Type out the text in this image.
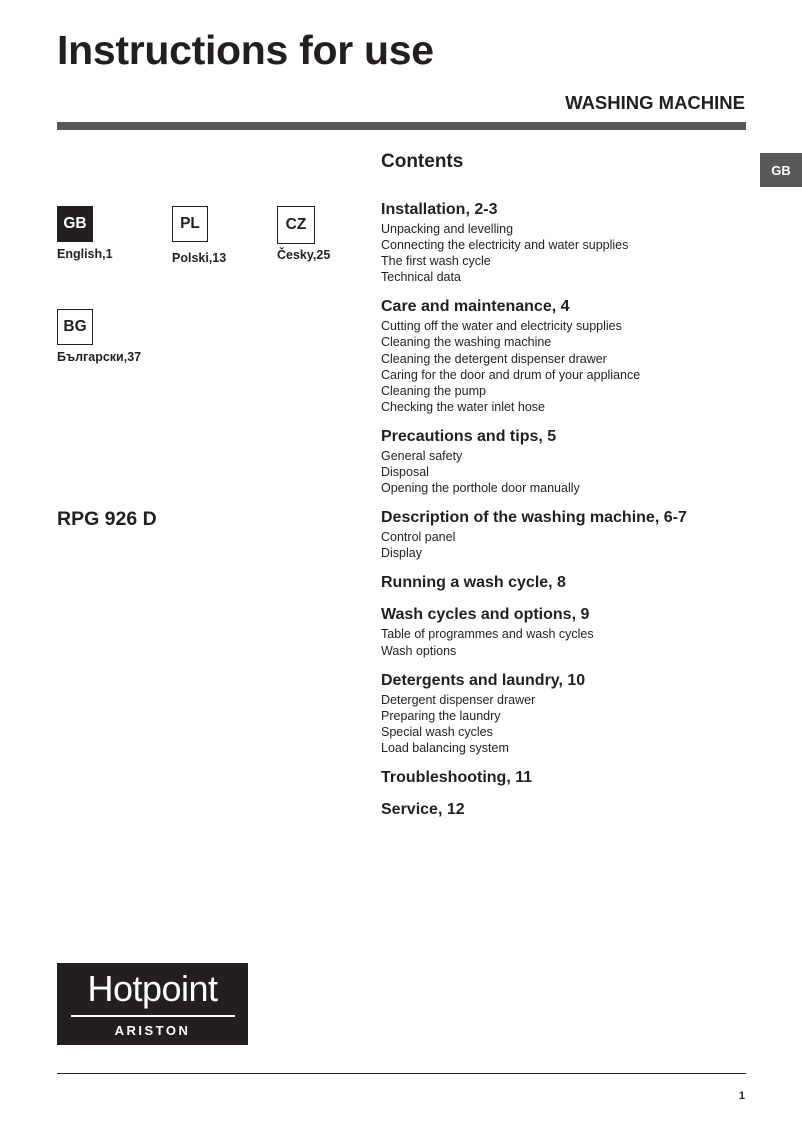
Instructions for use
WASHING MACHINE
GB
GB
English,1
PL
Polski,13
CZ
Česky,25
BG
Български,37
RPG 926 D
Contents
Installation, 2-3
Unpacking and levelling
Connecting the electricity and water supplies
The first wash cycle
Technical data
Care and maintenance, 4
Cutting off the water and electricity supplies
Cleaning the washing machine
Cleaning the detergent dispenser drawer
Caring for the door and drum of your appliance
Cleaning the pump
Checking the water inlet hose
Precautions and tips, 5
General safety
Disposal
Opening the porthole door manually
Description of the washing machine, 6-7
Control panel
Display
Running a wash cycle, 8
Wash cycles and options, 9
Table of programmes and wash cycles
Wash options
Detergents and laundry, 10
Detergent dispenser drawer
Preparing the laundry
Special wash cycles
Load balancing system
Troubleshooting, 11
Service, 12
Hotpoint
ARISTON
1
